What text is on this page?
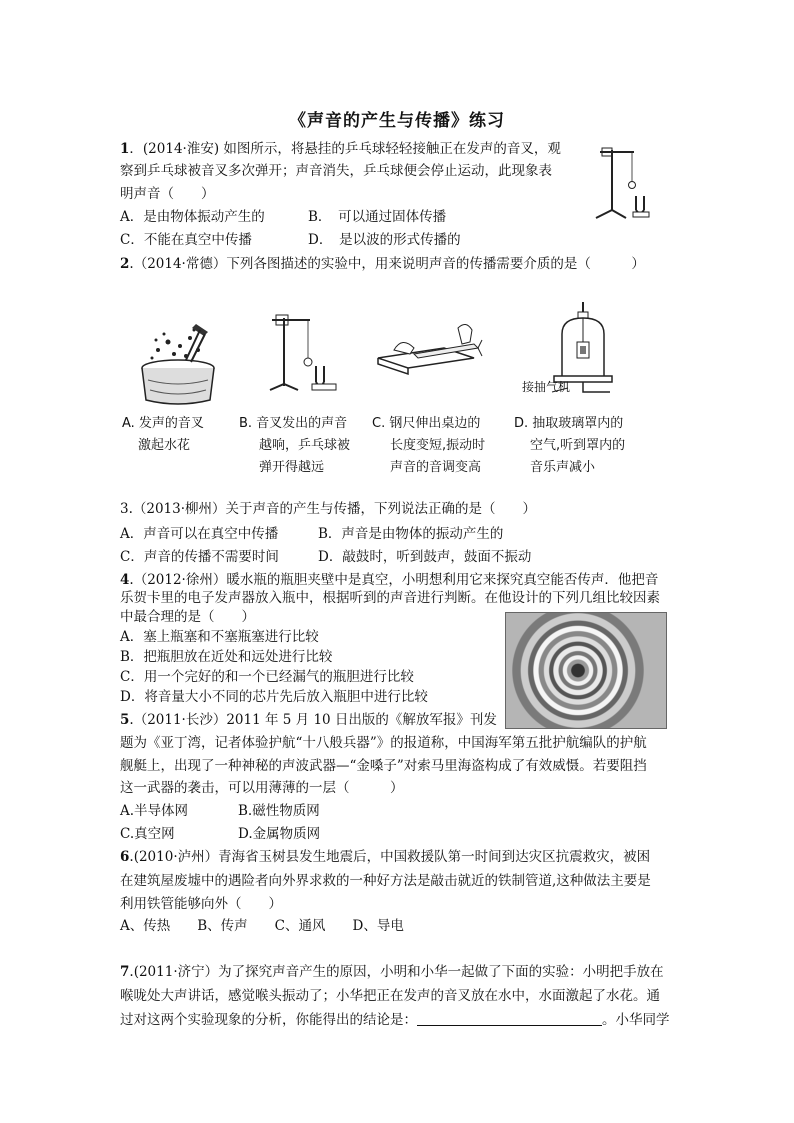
《声音的产生与传播》练习
1．(2014·淮安) 如图所示，将悬挂的乒乓球轻轻接触正在发声的音叉，观
察到乒乓球被音叉多次弹开；声音消失，乒乓球便会停止运动，此现象表
明声音（　　）
A．是由物体振动产生的	B．　可以通过固体传播
C．不能在真空中传播	D．　是以波的形式传播的
2.（2014·常德）下列各图描述的实验中，用来说明声音的传播需要介质的是（　　　）
A. 发声的音叉
激起水花
B. 音叉发出的声音
越响，乒乓球被
弹开得越远
C. 钢尺伸出桌边的
长度变短,振动时
声音的音调变高
接抽气机
D. 抽取玻璃罩内的
空气,听到罩内的
音乐声减小
3.（2013·柳州）关于声音的产生与传播，下列说法正确的是（　　）
A．声音可以在真空中传播	B．声音是由物体的振动产生的
C．声音的传播不需要时间	D．敲鼓时，听到鼓声，鼓面不振动
4.（2012·徐州）暖水瓶的瓶胆夹壁中是真空，小明想利用它来探究真空能否传声．他把音
乐贺卡里的电子发声器放入瓶中，根据听到的声音进行判断。在他设计的下列几组比较因素
中最合理的是（　　）
A．塞上瓶塞和不塞瓶塞进行比较
B．把瓶胆放在近处和远处进行比较
C．用一个完好的和一个已经漏气的瓶胆进行比较
D．将音量大小不同的芯片先后放入瓶胆中进行比较
5.（2011·长沙）2011 年 5 月 10 日出版的《解放军报》刊发
题为《亚丁湾，记者体验护航“十八般兵器”》的报道称，中国海军第五批护航编队的护航
舰艇上，出现了一种神秘的声波武器—“金嗓子”对索马里海盗构成了有效威慑。若要阻挡
这一武器的袭击，可以用薄薄的一层（　　　）
A.半导体网	B.磁性物质网
C.真空网	D.金属物质网
6.(2010·泸州）青海省玉树县发生地震后，中国救援队第一时间到达灾区抗震救灾，被困
在建筑屋废墟中的遇险者向外界求救的一种好方法是敲击就近的铁制管道,这种做法主要是
利用铁管能够向外（　　）
A、传热　　B、传声　　C、通风　　D、导电
7.(2011·济宁）为了探究声音产生的原因，小明和小华一起做了下面的实验：小明把手放在
喉咙处大声讲话，感觉喉头振动了；小华把正在发声的音叉放在水中，水面激起了水花。通
过对这两个实验现象的分析，你能得出的结论是：	。小华同学
